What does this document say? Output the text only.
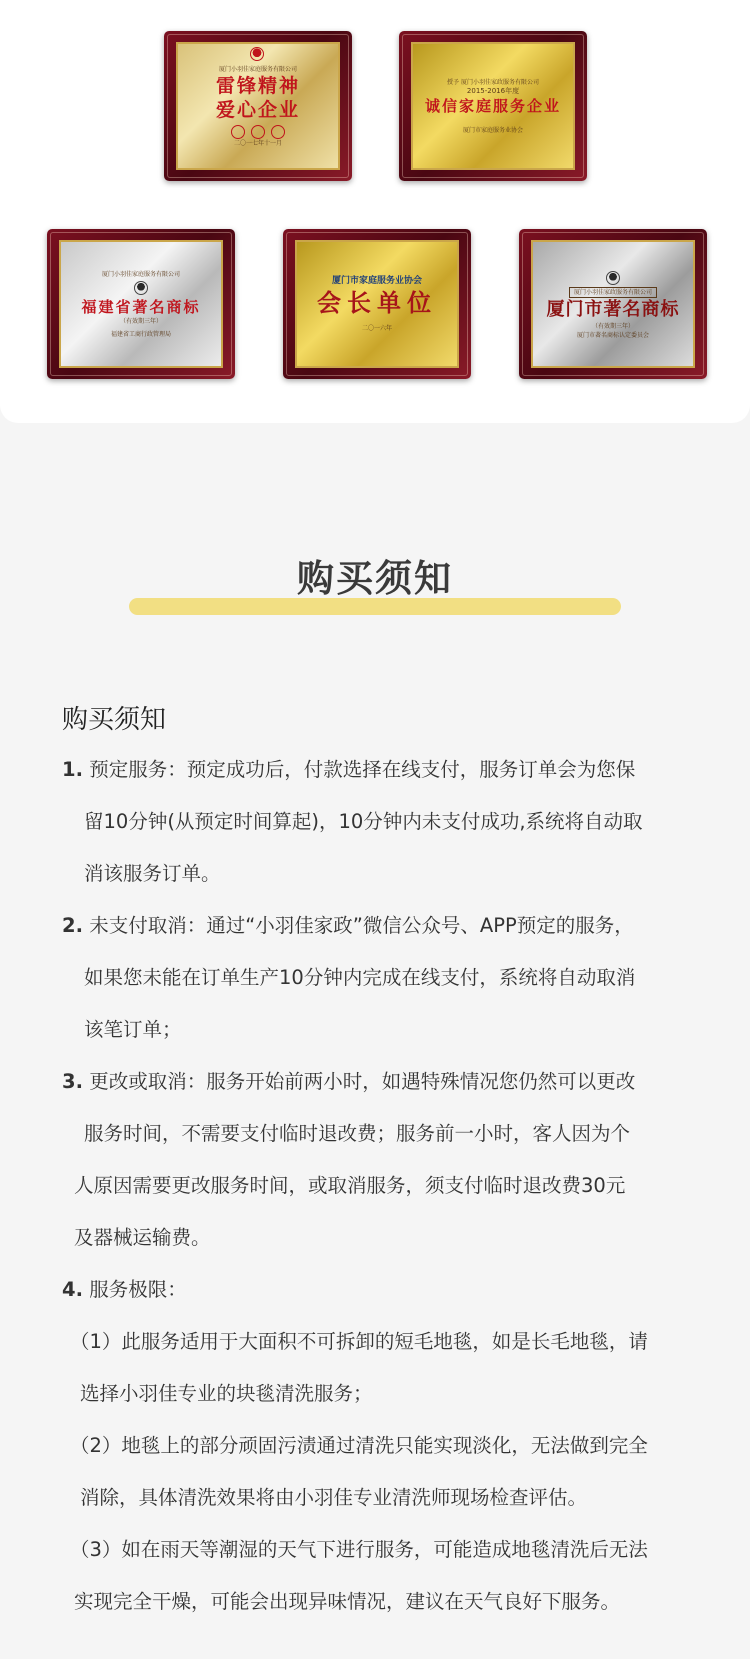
厦门小羽佳家庭服务有限公司
雷锋精神
爱心企业
二〇一七年十一月
授予 厦门小羽佳家政服务有限公司
2015-2016年度
诚信家庭服务企业
厦门市家庭服务业协会
厦门小羽佳家庭服务有限公司
福建省著名商标
（有效期三年）
福建省工商行政管理局
厦门市家庭服务业协会
会长单位
二〇一六年
厦门小羽佳家政服务有限公司
厦门市著名商标
（有效期三年）
厦门市著名商标认定委员会
购买须知
购买须知
1. 预定服务：预定成功后，付款选择在线支付，服务订单会为您保
留10分钟(从预定时间算起)，10分钟内未支付成功,系统将自动取
消该服务订单。
2. 未支付取消：通过“小羽佳家政”微信公众号、APP预定的服务，
如果您未能在订单生产10分钟内完成在线支付，系统将自动取消
该笔订单；
3. 更改或取消：服务开始前两小时，如遇特殊情况您仍然可以更改
服务时间，不需要支付临时退改费；服务前一小时，客人因为个
人原因需要更改服务时间，或取消服务，须支付临时退改费30元
及器械运输费。
4. 服务极限：
（1）此服务适用于大面积不可拆卸的短毛地毯，如是长毛地毯，请
选择小羽佳专业的块毯清洗服务；
（2）地毯上的部分顽固污渍通过清洗只能实现淡化，无法做到完全
消除，具体清洗效果将由小羽佳专业清洗师现场检查评估。
（3）如在雨天等潮湿的天气下进行服务，可能造成地毯清洗后无法
实现完全干燥，可能会出现异味情况，建议在天气良好下服务。
